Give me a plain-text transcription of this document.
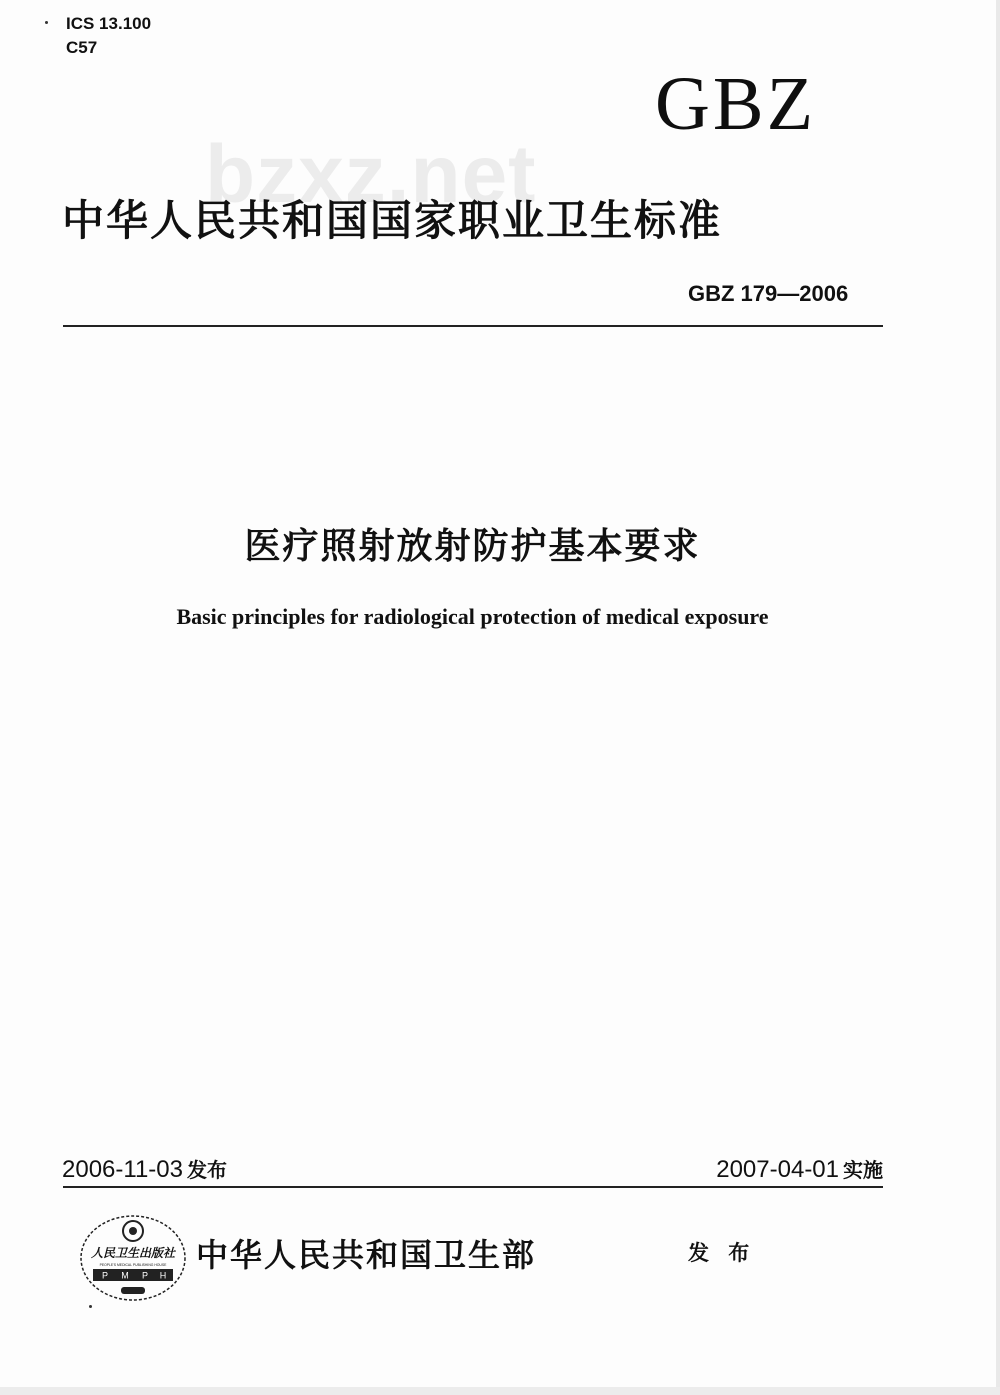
ICS 13.100
C57
GBZ
bzxz.net
中华人民共和国国家职业卫生标准
GBZ 179—2006
医疗照射放射防护基本要求
Basic principles for radiological protection of medical exposure
2006-11-03 发布	2007-04-01 实施
人民卫生出版社
PEOPLE'S MEDICAL PUBLISHING HOUSE
P M P H
中华人民共和国卫生部	发 布
